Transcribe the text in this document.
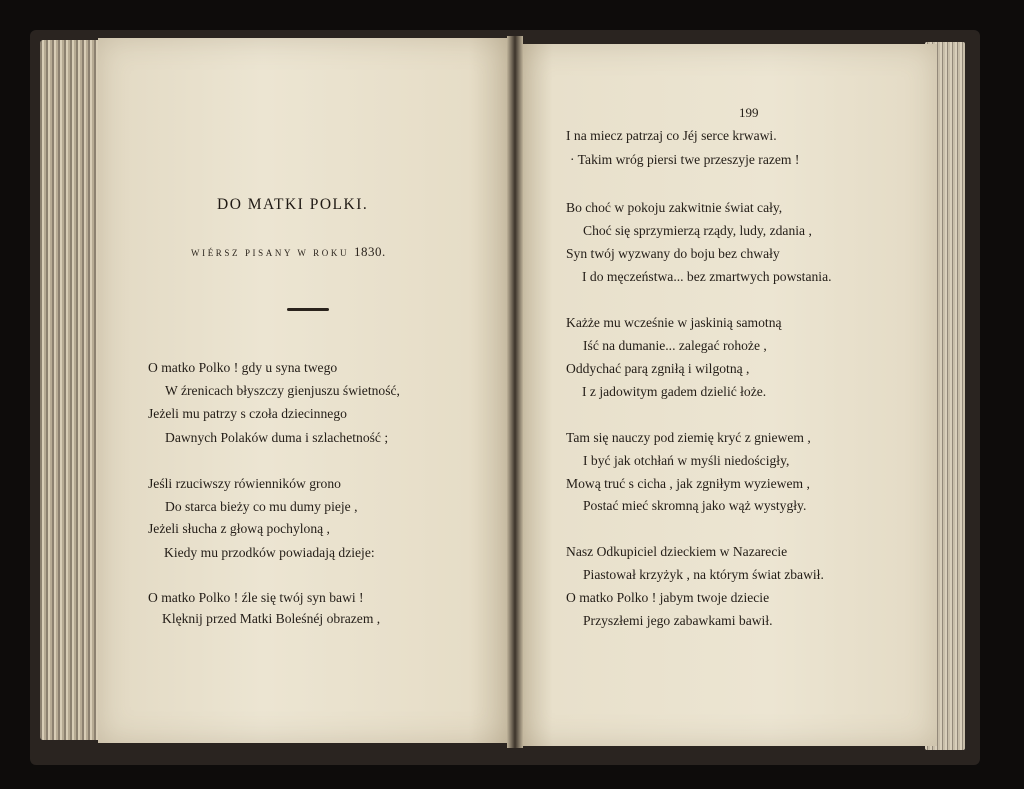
DO MATKI POLKI.
WIÉRSZ PISANY W ROKU 1830.
O matko Polko ! gdy u syna twego
W źrenicach błyszczy gienjuszu świetność,
Jeżeli mu patrzy s czoła dziecinnego
Dawnych Polaków duma i szlachetność ;
Jeśli rzuciwszy rówienników grono
Do starca bieży co mu dumy pieje ,
Jeżeli słucha z głową pochyloną ,
Kiedy mu przodków powiadają dzieje:
O matko Polko ! źle się twój syn bawi !
Klęknij przed Matki Boleśnéj obrazem ,
199
I na miecz patrzaj co Jéj serce krwawi.
· Takim wróg piersi twe przeszyje razem !
Bo choć w pokoju zakwitnie świat cały,
Choć się sprzymierzą rządy, ludy, zdania ,
Syn twój wyzwany do boju bez chwały
I do męczeństwa... bez zmartwych powstania.
Każże mu wcześnie w jaskinią samotną
Iść na dumanie... zalegać rohoże ,
Oddychać parą zgniłą i wilgotną ,
I z jadowitym gadem dzielić łoże.
Tam się nauczy pod ziemię kryć z gniewem ,
I być jak otchłań w myśli niedościgły,
Mową truć s cicha , jak zgniłym wyziewem ,
Postać mieć skromną jako wąż wystygły.
Nasz Odkupiciel dzieckiem w Nazarecie
Piastował krzyżyk , na którym świat zbawił.
O matko Polko ! jabym twoje dziecie
Przyszłemi jego zabawkami bawił.
